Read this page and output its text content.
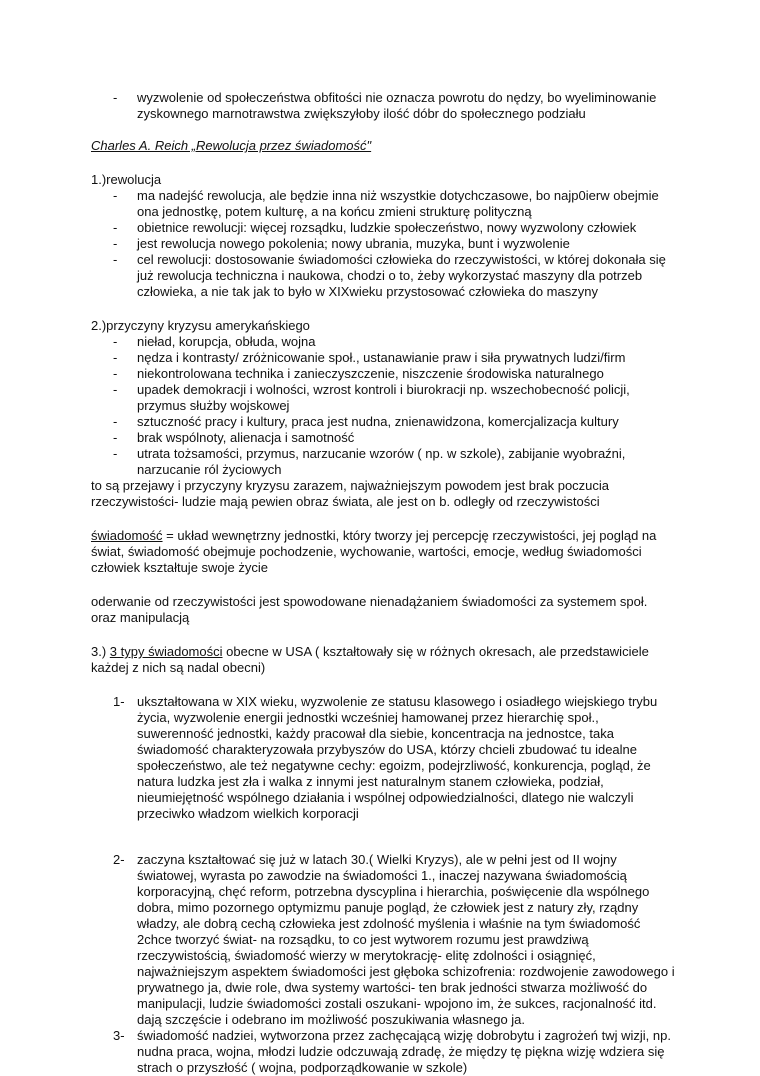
- wyzwolenie od społeczeństwa obfitości nie oznacza powrotu do nędzy, bo wyeliminowanie zyskownego marnotrawstwa zwiększyłoby ilość dóbr do społecznego podziału

Charles A. Reich „Rewolucja przez świadomość"

1.)rewolucja

- ma nadejść rewolucja, ale będzie inna niż wszystkie dotychczasowe, bo najp0ierw obejmie ona jednostkę, potem kulturę, a na końcu zmieni strukturę polityczną
- obietnice rewolucji: więcej rozsądku, ludzkie społeczeństwo, nowy wyzwolony człowiek
- jest rewolucja nowego pokolenia; nowy ubrania, muzyka, bunt i wyzwolenie
- cel rewolucji: dostosowanie świadomości człowieka do rzeczywistości, w której dokonała się już rewolucja techniczna i naukowa, chodzi o to, żeby wykorzystać maszyny dla potrzeb człowieka, a nie tak jak to było w XIXwieku przystosować człowieka do maszyny

2.)przyczyny kryzysu amerykańskiego

- nieład, korupcja, obłuda, wojna
- nędza i kontrasty/ zróżnicowanie społ., ustanawianie praw i siła prywatnych ludzi/firm
- niekontrolowana technika i zanieczyszczenie, niszczenie środowiska naturalnego
- upadek demokracji i wolności, wzrost kontroli i biurokracji np. wszechobecność policji, przymus służby wojskowej
- sztuczność pracy i kultury, praca jest nudna, znienawidzona, komercjalizacja kultury
- brak wspólnoty, alienacja i samotność
- utrata tożsamości, przymus, narzucanie wzorów ( np. w szkole), zabijanie wyobraźni, narzucanie ról życiowych

to są przejawy i przyczyny kryzysu zarazem, najważniejszym powodem jest brak poczucia rzeczywistości- ludzie mają pewien obraz świata, ale jest on b. odległy od rzeczywistości

świadomość = układ wewnętrzny jednostki, który tworzy jej percepcję rzeczywistości, jej pogląd na świat, świadomość obejmuje pochodzenie, wychowanie, wartości, emocje, według świadomości człowiek kształtuje swoje życie

oderwanie od rzeczywistości jest spowodowane nienadążaniem świadomości za systemem społ. oraz manipulacją

3.) 3 typy świadomości obecne w USA ( kształtowały się w różnych okresach, ale przedstawiciele każdej z nich są nadal obecni)

1- ukształtowana w XIX wieku, wyzwolenie ze statusu klasowego i osiadłego wiejskiego trybu życia, wyzwolenie energii jednostki wcześniej hamowanej przez hierarchię społ., suwerenność jednostki, każdy pracował dla siebie, koncentracja na jednostce, taka świadomość charakteryzowała przybyszów do USA, którzy chcieli zbudować tu idealne społeczeństwo, ale też negatywne cechy: egoizm, podejrzliwość, konkurencja, pogląd, że natura ludzka jest zła i walka z innymi jest naturalnym stanem człowieka, podział, nieumiejętność wspólnego działania i wspólnej odpowiedzialności, dlatego nie walczyli przeciwko władzom wielkich korporacji
2- zaczyna kształtować się już w latach 30.( Wielki Kryzys), ale w pełni jest od II wojny światowej, wyrasta po zawodzie na świadomości 1., inaczej nazywana świadomością korporacyjną, chęć reform, potrzebna dyscyplina i hierarchia, poświęcenie dla wspólnego dobra, mimo pozornego optymizmu panuje pogląd, że człowiek jest z natury zły, rządny władzy, ale dobrą cechą człowieka jest zdolność myślenia i właśnie na tym świadomość 2chce tworzyć świat- na rozsądku, to co jest wytworem rozumu jest prawdziwą rzeczywistością, świadomość wierzy w merytokrację- elitę zdolności i osiągnięć, najważniejszym aspektem świadomości jest głęboka schizofrenia: rozdwojenie zawodowego i prywatnego ja, dwie role, dwa systemy wartości- ten brak jedności stwarza możliwość do manipulacji, ludzie świadomości zostali oszukani- wpojono im, że sukces, racjonalność itd. dają szczęście i odebrano im możliwość poszukiwania własnego ja.
3- świadomość nadziei, wytworzona przez zachęcającą wizję dobrobytu i zagrożeń twj wizji, np. nudna praca, wojna, młodzi ludzie odczuwają zdradę, że między tę piękna wizję wdziera się strach o przyszłość ( wojna, podporządkowanie w szkole)
